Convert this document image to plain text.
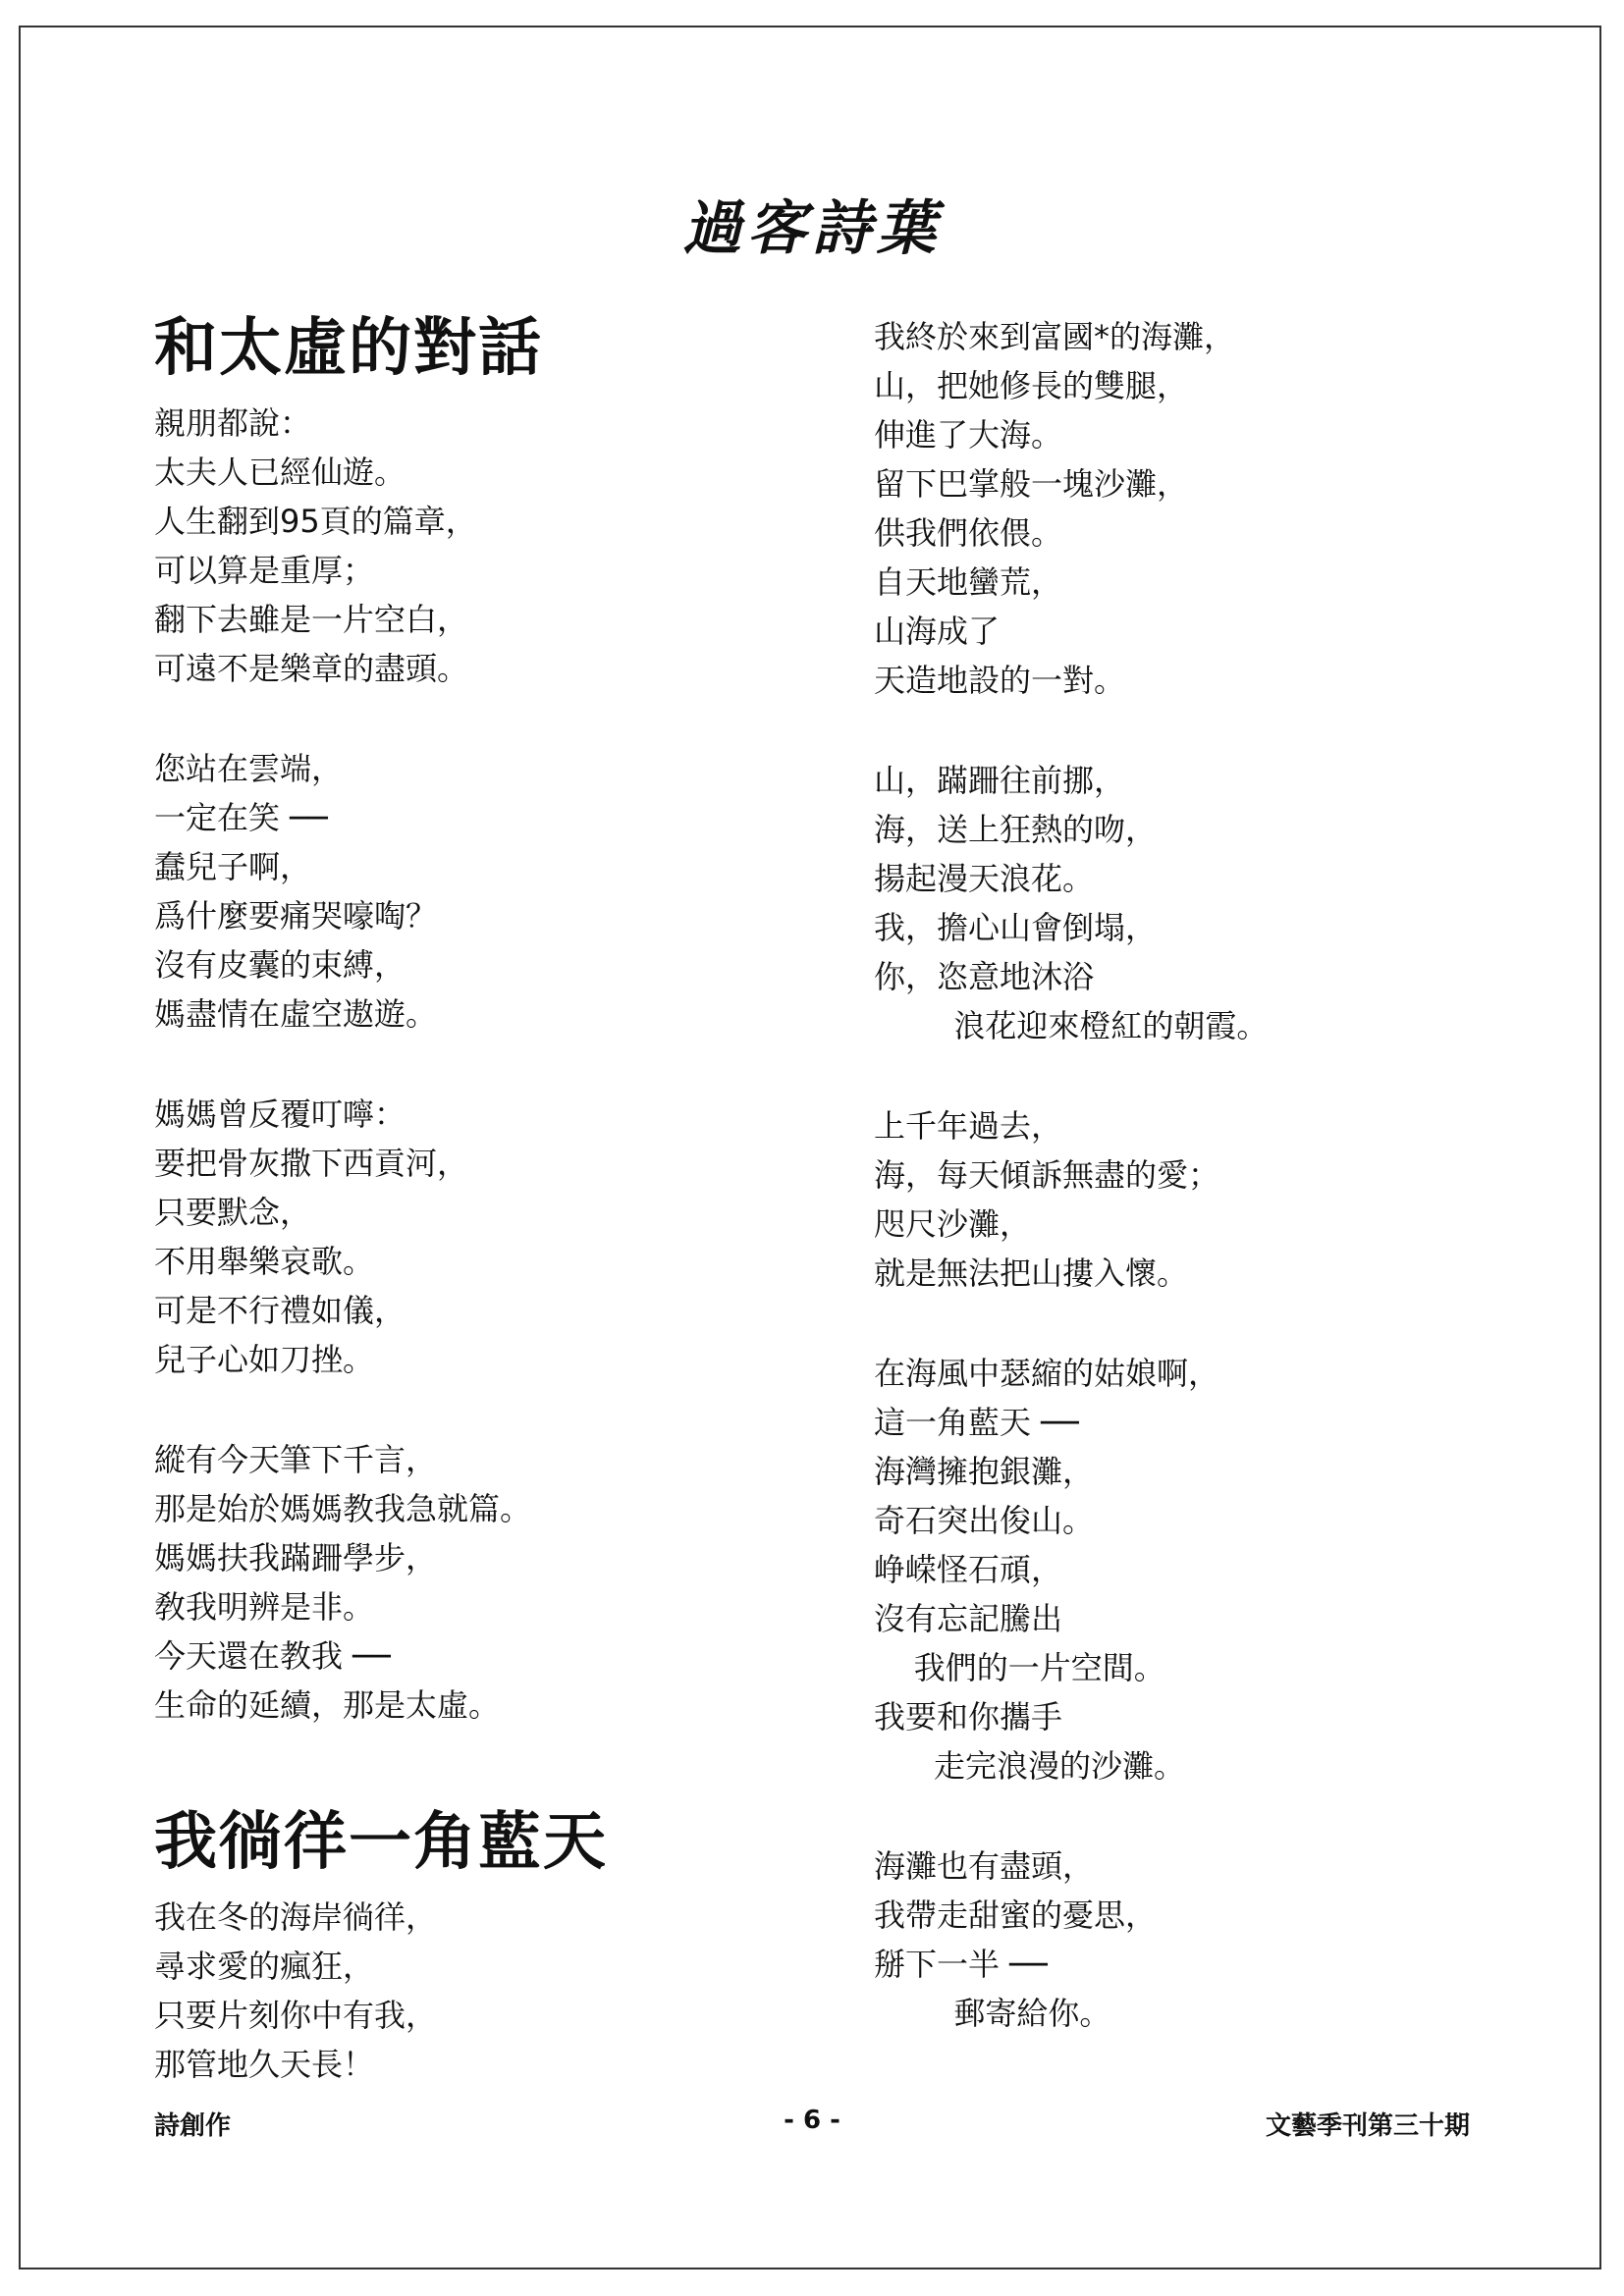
過客詩葉
和太虛的對話
親朋都說：
太夫人已經仙遊。
人生翻到95頁的篇章，
可以算是重厚；
翻下去雖是一片空白，
可遠不是樂章的盡頭。
您站在雲端，
一定在笑 ──
蠢兒子啊，
爲什麼要痛哭嚎啕？
沒有皮囊的束縛，
媽盡情在虛空遨遊。
媽媽曾反覆叮嚀：
要把骨灰撒下西貢河，
只要默念，
不用舉樂哀歌。
可是不行禮如儀，
兒子心如刀挫。
縱有今天筆下千言，
那是始於媽媽教我急就篇。
媽媽扶我蹣跚學步，
敎我明辨是非。
今天還在教我 ──
生命的延續，那是太虛。
我徜徉一角藍天
我在冬的海岸徜徉，
尋求愛的瘋狂，
只要片刻你中有我，
那管地久天長！
我終於來到富國*的海灘，
山，把她修長的雙腿，
伸進了大海。
留下巴掌般一塊沙灘，
供我們依偎。
自天地蠻荒，
山海成了
天造地設的一對。
山，蹣跚往前挪，
海，送上狂熱的吻，
揚起漫天浪花。
我，擔心山會倒塌，
你，恣意地沐浴
浪花迎來橙紅的朝霞。
上千年過去，
海，每天傾訴無盡的愛；
咫尺沙灘，
就是無法把山摟入懷。
在海風中瑟縮的姑娘啊，
這一角藍天 ──
海灣擁抱銀灘，
奇石突出俊山。
峥嵘怪石頑，
沒有忘記騰出
我們的一片空間。
我要和你攜手
走完浪漫的沙灘。
海灘也有盡頭，
我帶走甜蜜的憂思，
掰下一半 ──
郵寄給你。
詩創作	- 6 -	文藝季刊第三十期
